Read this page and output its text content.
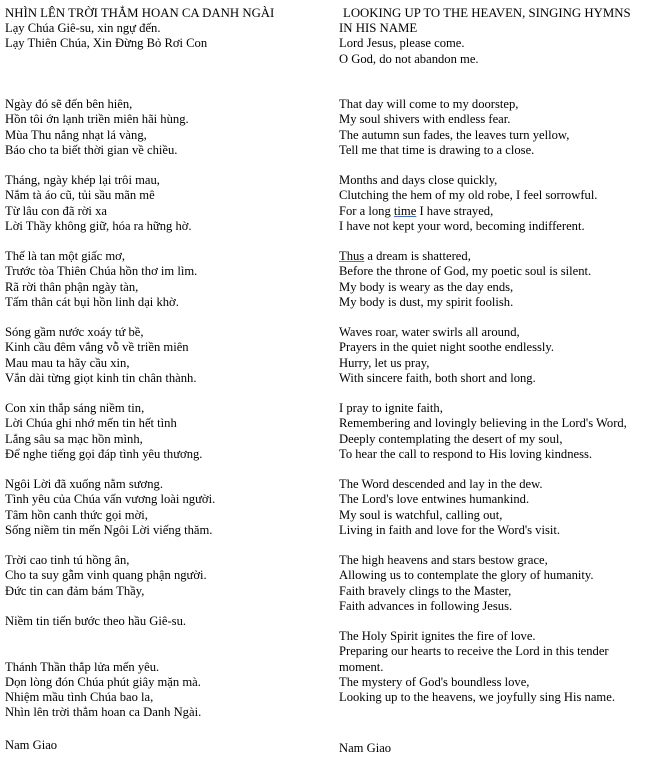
NHÌN LÊN TRỜI THẲM HOAN CA DANH NGÀI
Lạy Chúa Giê-su, xin ngự đến.
Lạy Thiên Chúa, Xin Đừng Bỏ Rơi Con
Ngày đó sẽ đến bên hiên,
Hồn tôi ớn lạnh triền miên hãi hùng.
Mùa Thu nắng nhạt lá vàng,
Báo cho ta biết thời gian về chiều.
Tháng, ngày khép lại trôi mau,
Nắm tà áo cũ, tủi sầu mãn mê
Từ lâu con đã rời xa
Lời Thầy không giữ, hóa ra hững hờ.
Thế là tan một giấc mơ,
Trước tòa Thiên Chúa hồn thơ im lìm.
Rã rời thân phận ngày tàn,
Tấm thân cát bụi hồn linh dại khờ.
Sóng gầm nước xoáy tứ bề,
Kinh cầu đêm vắng vỗ về triền miên
Mau mau ta hãy cầu xin,
Vắn dài từng giọt kinh tin chân thành.
Con xin thắp sáng niềm tin,
Lời Chúa ghi nhớ mến tin hết tình
Lắng sâu sa mạc hồn mình,
Để nghe tiếng gọi đáp tình yêu thương.
Ngôi Lời đã xuống nằm sương.
Tình yêu của Chúa vấn vương loài người.
Tâm hồn canh thức gọi mời,
Sống niềm tin mến Ngôi Lời viếng thăm.
Trời cao tinh tú hồng ân,
Cho ta suy gẫm vinh quang phận người.
Đức tin can đảm bám Thầy,
Niềm tin tiến bước theo hầu Giê-su.
Thánh Thần thắp lửa mến yêu.
Dọn lòng đón Chúa phút giây mặn mà.
Nhiệm mầu tình Chúa bao la,
Nhìn lên trời thẳm hoan ca Danh Ngài.
Nam Giao
LOOKING UP TO THE HEAVEN, SINGING HYMNS
IN HIS NAME
Lord Jesus, please come.
O God, do not abandon me.
That day will come to my doorstep,
My soul shivers with endless fear.
The autumn sun fades, the leaves turn yellow,
Tell me that time is drawing to a close.
Months and days close quickly,
Clutching the hem of my old robe, I feel sorrowful.
For a long time I have strayed,
I have not kept your word, becoming indifferent.
Thus a dream is shattered,
Before the throne of God, my poetic soul is silent.
My body is weary as the day ends,
My body is dust, my spirit foolish.
Waves roar, water swirls all around,
Prayers in the quiet night soothe endlessly.
Hurry, let us pray,
With sincere faith, both short and long.
I pray to ignite faith,
Remembering and lovingly believing in the Lord's Word,
Deeply contemplating the desert of my soul,
To hear the call to respond to His loving kindness.
The Word descended and lay in the dew.
The Lord's love entwines humankind.
My soul is watchful, calling out,
Living in faith and love for the Word's visit.
The high heavens and stars bestow grace,
Allowing us to contemplate the glory of humanity.
Faith bravely clings to the Master,
Faith advances in following Jesus.
The Holy Spirit ignites the fire of love.
Preparing our hearts to receive the Lord in this tender moment.
The mystery of God's boundless love,
Looking up to the heavens, we joyfully sing His name.
Nam Giao
